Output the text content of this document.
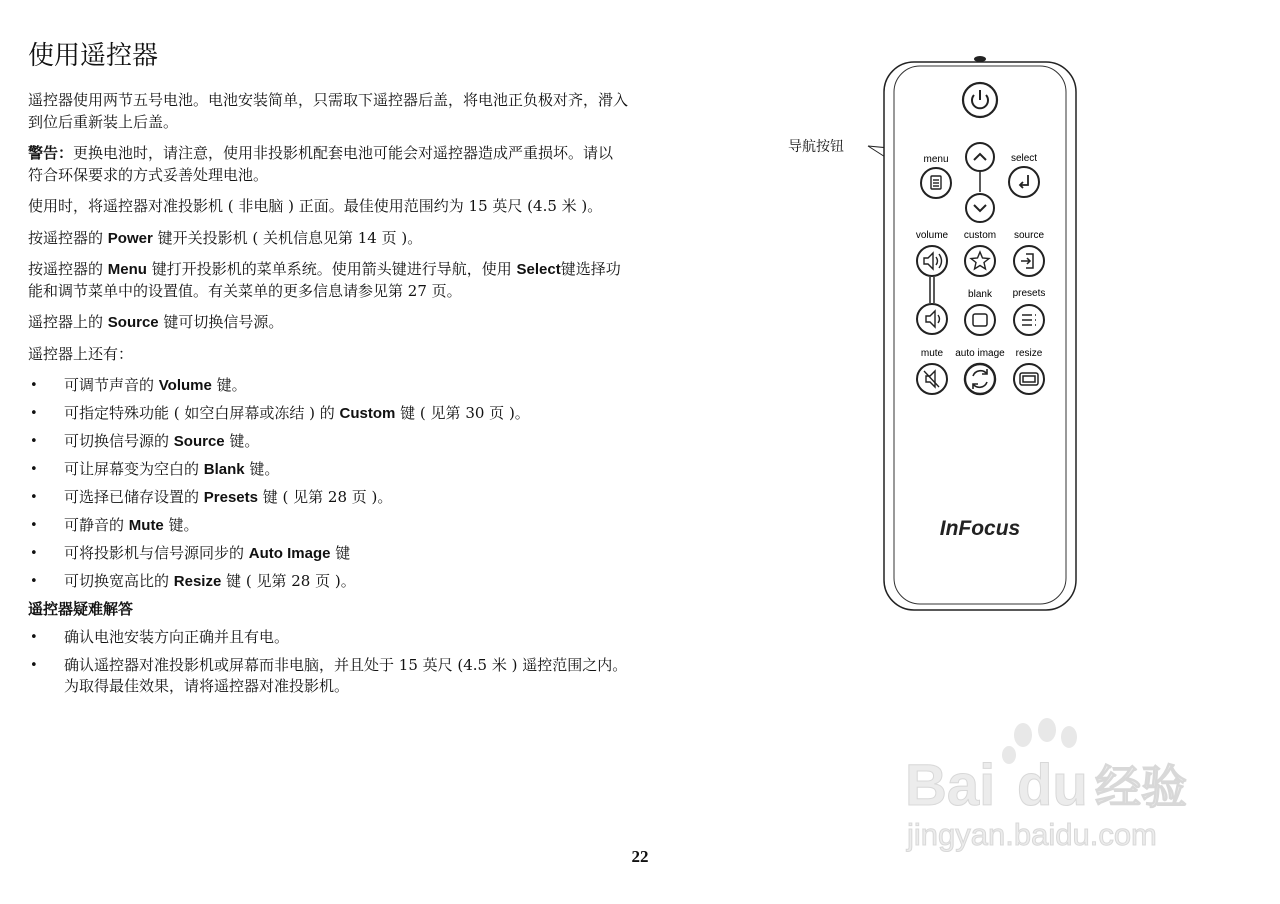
使用遥控器

遥控器使用两节五号电池。电池安装简单，只需取下遥控器后盖，将电池正负极对齐，滑入到位后重新装上后盖。

警告：更换电池时，请注意，使用非投影机配套电池可能会对遥控器造成严重损坏。请以符合环保要求的方式妥善处理电池。

使用时，将遥控器对准投影机 ( 非电脑 ) 正面。最佳使用范围约为 15 英尺 (4.5 米 )。

按遥控器的 Power 键开关投影机 ( 关机信息见第 14 页 )。

按遥控器的 Menu 键打开投影机的菜单系统。使用箭头键进行导航，使用 Select键选择功能和调节菜单中的设置值。有关菜单的更多信息请参见第 27 页。

遥控器上的 Source 键可切换信号源。

遥控器上还有：

• 可调节声音的 Volume 键。
• 可指定特殊功能 ( 如空白屏幕或冻结 ) 的 Custom 键 ( 见第 30 页 )。
• 可切换信号源的 Source 键。
• 可让屏幕变为空白的 Blank 键。
• 可选择已储存设置的 Presets 键 ( 见第 28 页 )。
• 可静音的 Mute 键。
• 可将投影机与信号源同步的 Auto Image 键
• 可切换宽高比的 Resize 键 ( 见第 28 页 )。
遥控器疑难解答
• 确认电池安装方向正确并且有电。
• 确认遥控器对准投影机或屏幕而非电脑，并且处于 15 英尺 (4.5 米 ) 遥控范围之内。为取得最佳效果，请将遥控器对准投影机。
导航按钮
menu	select
volume custom source
blank presets
mute auto image resize
InFocus
Bai du 经验
jingyan.baidu.com
22
